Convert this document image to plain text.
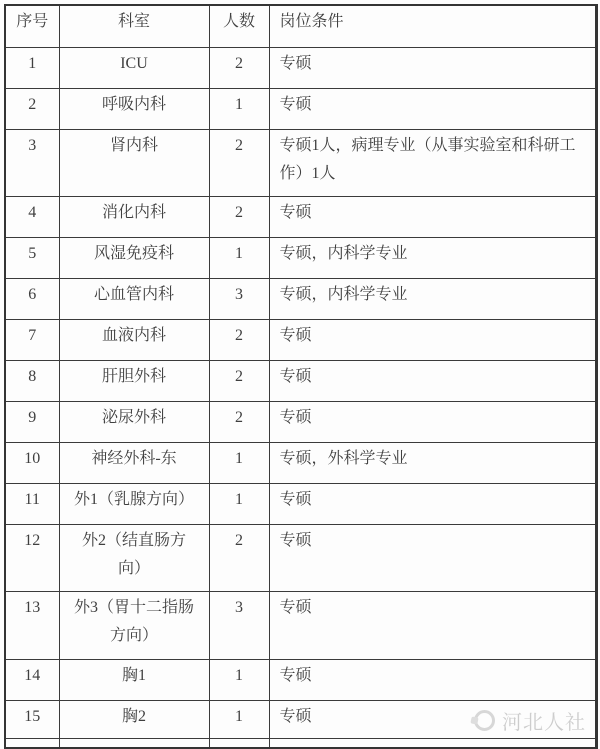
序号	科室	人数	岗位条件
1	ICU	2	专硕
2	呼吸内科	1	专硕
3	肾内科	2	专硕1人，病理专业（从事实验室和科研工作）1人
4	消化内科	2	专硕
5	风湿免疫科	1	专硕，内科学专业
6	心血管内科	3	专硕，内科学专业
7	血液内科	2	专硕
8	肝胆外科	2	专硕
9	泌尿外科	2	专硕
10	神经外科-东	1	专硕，外科学专业
11	外1（乳腺方向）	1	专硕
12	外2（结直肠方向）	2	专硕
13	外3（胃十二指肠方向）	3	专硕
14	胸1	1	专硕
15	胸2	1	专硕
				河北人社
